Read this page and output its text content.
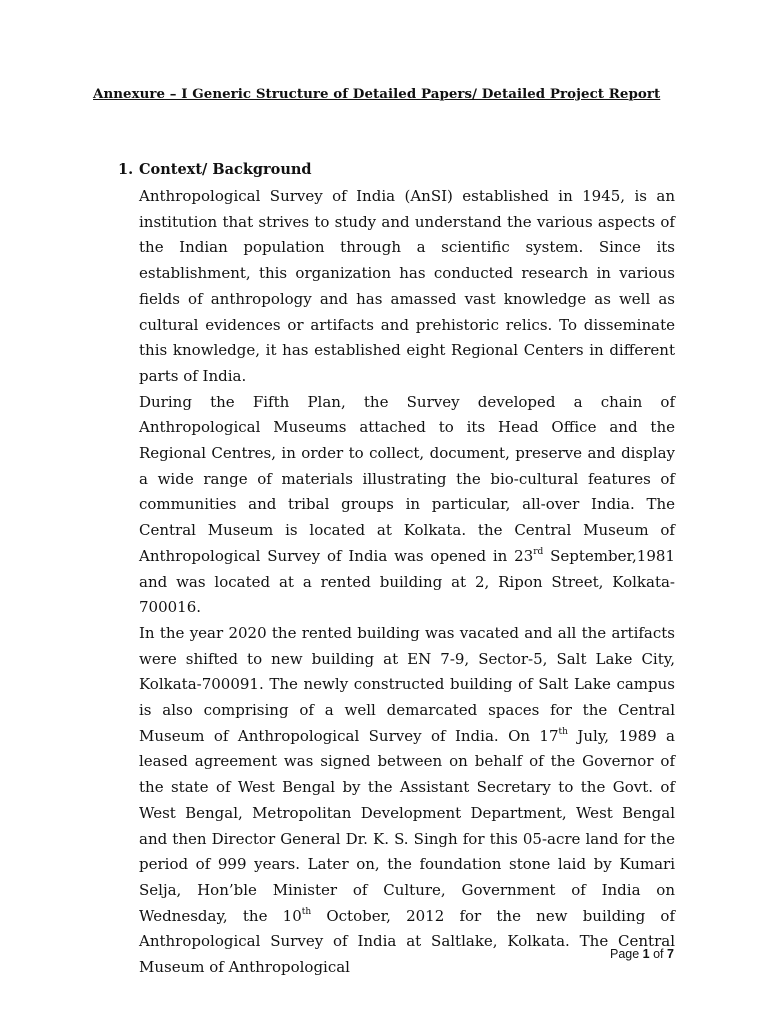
Annexure – I Generic Structure of Detailed Papers/ Detailed Project Report
1. Context/ Background

Anthropological Survey of India (AnSI) established in 1945, is an institution that strives to study and understand the various aspects of the Indian population through a scientific system. Since its establishment, this organization has conducted research in various fields of anthropology and has amassed vast knowledge as well as cultural evidences or artifacts and prehistoric relics. To disseminate this knowledge, it has established eight Regional Centers in different parts of India.

During the Fifth Plan, the Survey developed a chain of Anthropological Museums attached to its Head Office and the Regional Centres, in order to collect, document, preserve and display a wide range of materials illustrating the bio-cultural features of communities and tribal groups in particular, all-over India. The Central Museum is located at Kolkata. the Central Museum of Anthropological Survey of India was opened in 23rd September,1981 and was located at a rented building at 2, Ripon Street, Kolkata-700016.

In the year 2020 the rented building was vacated and all the artifacts were shifted to new building at EN 7-9, Sector-5, Salt Lake City, Kolkata-700091. The newly constructed building of Salt Lake campus is also comprising of a well demarcated spaces for the Central Museum of Anthropological Survey of India. On 17th July, 1989 a leased agreement was signed between on behalf of the Governor of the state of West Bengal by the Assistant Secretary to the Govt. of West Bengal, Metropolitan Development Department, West Bengal and then Director General Dr. K. S. Singh for this 05-acre land for the period of 999 years. Later on, the foundation stone laid by Kumari Selja, Hon’ble Minister of Culture, Government of India on Wednesday, the 10th October, 2012 for the new building of Anthropological Survey of India at Saltlake, Kolkata. The Central Museum of Anthropological

Page 1 of 7
